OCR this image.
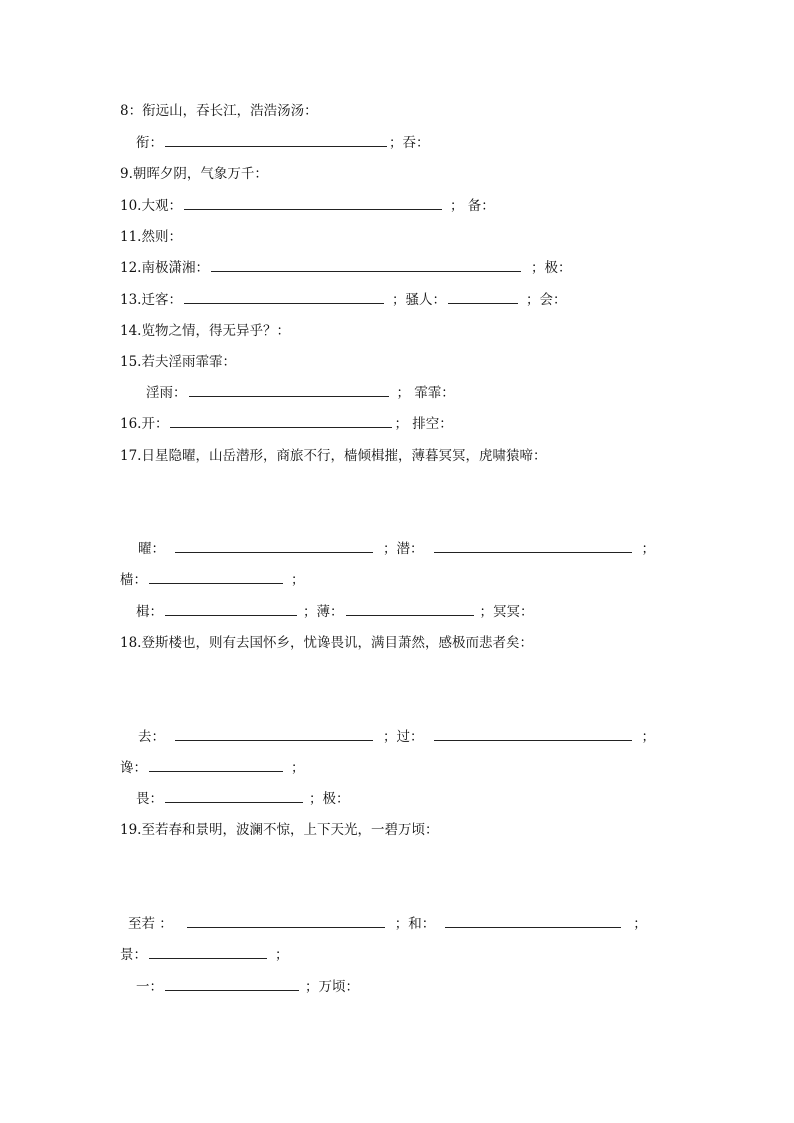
8：衔远山，吞长江，浩浩汤汤：
衔：	；吞：
9.朝晖夕阴，气象万千：
10.大观：	； 备：
11.然则：
12.南极潇湘：	；极：
13.迁客：	；骚人：	；会：
14.览物之情，得无异乎？：
15.若夫淫雨霏霏：
淫雨：	； 霏霏：
16.开：	； 排空：
17.日星隐曜，山岳潜形，商旅不行，樯倾楫摧，薄暮冥冥，虎啸猿啼：
曜：	；潜：	；
樯：	；
楫：	；薄：	；冥冥：
18.登斯楼也，则有去国怀乡，忧谗畏讥，满目萧然，感极而悲者矣：
去：	；过：	；
谗：	；
畏：	；极：
19.至若春和景明，波澜不惊，上下天光，一碧万顷：
至若 ：	；和：	；
景：	；
一：	；万顷：
